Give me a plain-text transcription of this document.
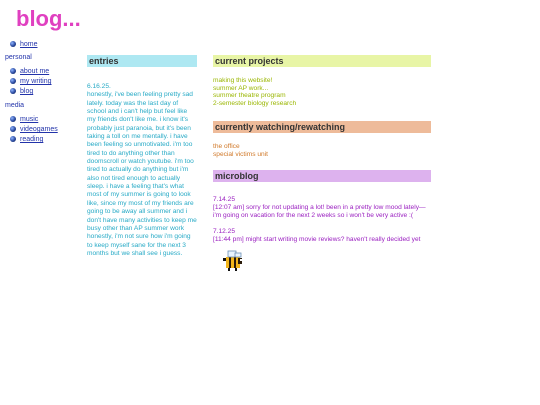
blog...
home
personal
about me
my writing
blog
media
music
videogames
reading
entries
6.16.25.
honestly, i've been feeling pretty sad lately. today was the last day of school and i can't help but feel like my friends don't like me. i know it's probably just paranoia, but it's been taking a toll on me mentally. i have been feeling so unmotivated. i'm too tired to do anything other than doomscroll or watch youtube. i'm too tired to actually do anything but i'm also not tired enough to actually sleep. i have a feeling that's what most of my summer is going to look like, since my most of my friends are going to be away all summer and i don't have many activities to keep me busy other than AP summer work honestly, i'm not sure how i'm going to keep myself sane for the next 3 months but we shall see i guess.
current projects
making this website!
summer AP work...
summer theatre program
2-semester biology research
currently watching/rewatching
the office
special victims unit
microblog
7.14.25
[12:07 am] sorry for not updating a lot! been in a pretty low mood lately— i'm going on vacation for the next 2 weeks so i won't be very active :(
7.12.25
[11:44 pm] might start writing movie reviews? haven't really decided yet
